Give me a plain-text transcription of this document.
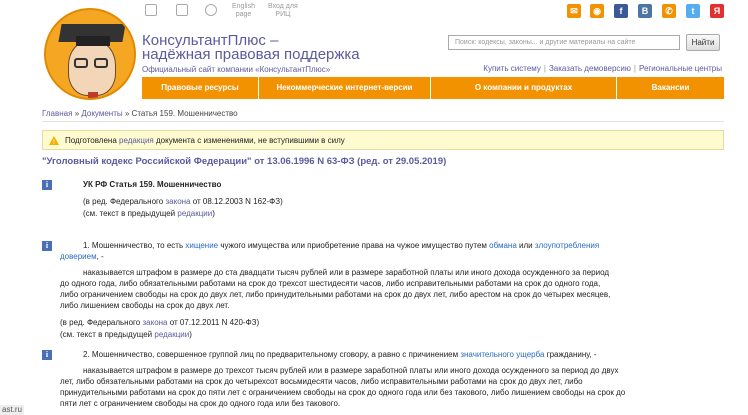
English
page
Вход для
РИЦ	✉	◉	f	В	✆	t	Я
КонсультантПлюс –
надёжная правовая поддержка
Официальный сайт компании «КонсультантПлюс»
Поиск: кодексы, законы... и другие материалы на сайте	Найти
Купить систему | Заказать демоверсию | Региональные центры
Правовые ресурсы	Некоммерческие интернет-версии	О компании и продуктах	Вакансии
Главная » Документы » Статья 159. Мошенничество
! Подготовлена редакция документа с изменениями, не вступившими в силу
"Уголовный кодекс Российской Федерации" от 13.06.1996 N 63-ФЗ (ред. от 29.05.2019)
i	УК РФ Статья 159. Мошенничество
(в ред. Федерального закона от 08.12.2003 N 162-ФЗ)
(см. текст в предыдущей редакции)
i	1. Мошенничество, то есть хищение чужого имущества или приобретение права на чужое имущество путем обмана или злоупотребления
доверием, -
наказывается штрафом в размере до ста двадцати тысяч рублей или в размере заработной платы или иного дохода осужденного за период
до одного года, либо обязательными работами на срок до трехсот шестидесяти часов, либо исправительными работами на срок до одного года,
либо ограничением свободы на срок до двух лет, либо принудительными работами на срок до двух лет, либо арестом на срок до четырех месяцев,
либо лишением свободы на срок до двух лет.
(в ред. Федерального закона от 07.12.2011 N 420-ФЗ)
(см. текст в предыдущей редакции)
i	2. Мошенничество, совершенное группой лиц по предварительному сговору, а равно с причинением значительного ущерба гражданину, -
наказывается штрафом в размере до трехсот тысяч рублей или в размере заработной платы или иного дохода осужденного за период до двух
лет, либо обязательными работами на срок до четырехсот восьмидесяти часов, либо исправительными работами на срок до двух лет, либо
принудительными работами на срок до пяти лет с ограничением свободы на срок до одного года или без такового, либо лишением свободы на срок до
пяти лет с ограничением свободы на срок до одного года или без такового.
ast.ru
